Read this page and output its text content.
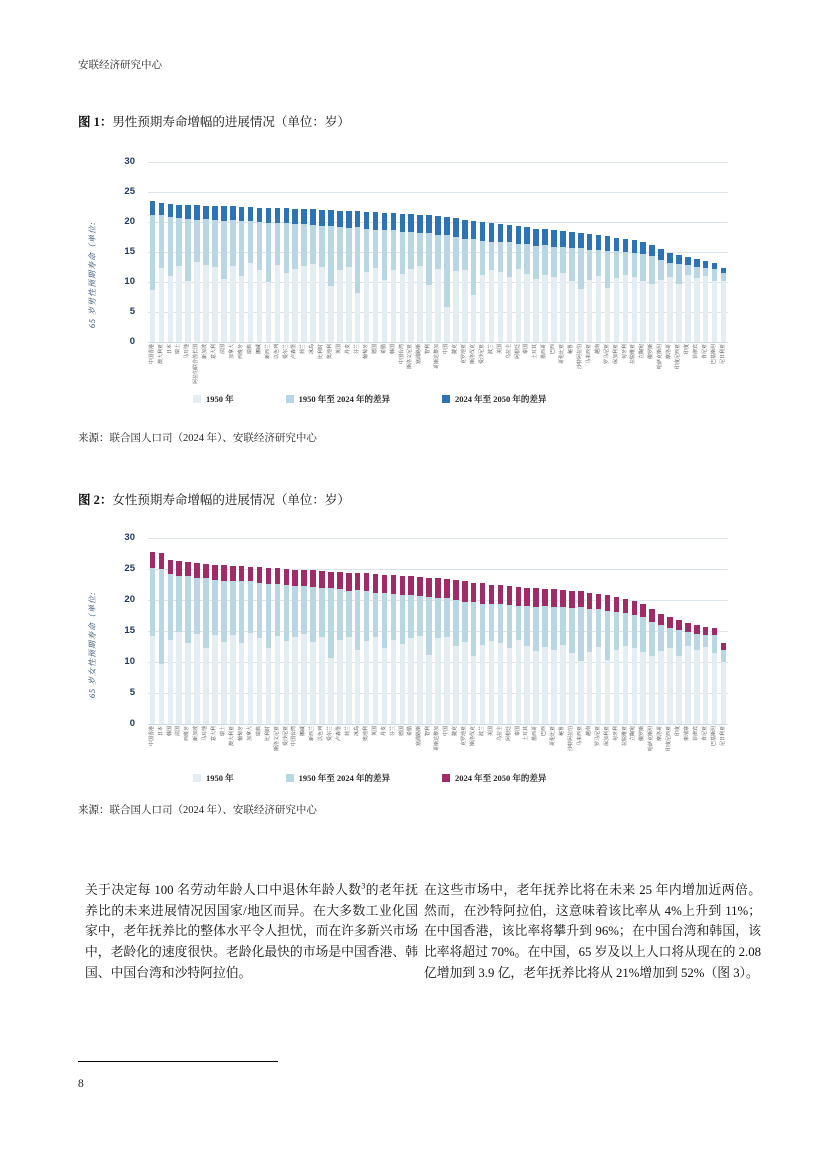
安联经济研究中心
图 1：男性预期寿命增幅的进展情况（单位：岁）
65 岁男性预期寿命（单位:
0
5
10
15
20
25
30
中国香港 澳大利亚 日本 瑞士 马耳他 阿拉伯联合酋长国 新加坡 意大利 法国 加拿大 西班牙 瑞典 挪威 新西兰 以色列 爱尔兰 卢森堡 荷兰 冰岛 比利时 奥地利 英国 丹麦 芬兰 葡萄牙 德国 希腊 韩国 中国台湾 斯洛文尼亚 塞浦路斯 智利 哥斯达黎加 中国 捷克 克罗地亚 斯洛伐克 爱沙尼亚 波兰 美国 乌拉圭 阿根廷 泰国 土耳其 墨西哥 巴西 哥伦比亚 秘鲁 沙特阿拉伯 马来西亚 越南 罗马尼亚 保加利亚 匈牙利 拉脱维亚 立陶宛 俄罗斯 哈萨克斯坦 摩洛哥 印度尼西亚 印度 菲律宾 肯尼亚 巴基斯坦 尼日利亚
1950 年	1950 年至 2024 年的差异	2024 年至 2050 年的差异
来源：联合国人口司（2024 年）、安联经济研究中心
图 2：女性预期寿命增幅的进展情况（单位：岁）
65 岁女性预期寿命（单位:
0
5
10
15
20
25
30
中国香港 日本 韩国 法国 西班牙 新加坡 马耳他 意大利 瑞士 澳大利亚 葡萄牙 加拿大 瑞典 比利时 斯洛文尼亚 爱沙尼亚 中国台湾 挪威 新西兰 以色列 爱尔兰 卢森堡 荷兰 冰岛 奥地利 英国 丹麦 芬兰 德国 希腊 塞浦路斯 智利 哥斯达黎加 中国 捷克 克罗地亚 斯洛伐克 波兰 美国 乌拉圭 阿根廷 泰国 土耳其 墨西哥 巴西 哥伦比亚 秘鲁 沙特阿拉伯 马来西亚 越南 罗马尼亚 保加利亚 匈牙利 拉脱维亚 立陶宛 俄罗斯 哈萨克斯坦 摩洛哥 印度尼西亚 印度 柬埔寨 菲律宾 肯尼亚 巴基斯坦 尼日利亚
1950 年	1950 年至 2024 年的差异	2024 年至 2050 年的差异
来源：联合国人口司（2024 年）、安联经济研究中心
关于决定每 100 名劳动年龄人口中退休年龄人数$^3$的老年抚养比的未来进展情况因国家/地区而异。在大多数工业化国家中，老年抚养比的整体水平令人担忧，而在许多新兴市场中，老龄化的速度很快。老龄化最快的市场是中国香港、韩国、中国台湾和沙特阿拉伯。
在这些市场中，老年抚养比将在未来 25 年内增加近两倍。然而，在沙特阿拉伯，这意味着该比率从 4%上升到 11%；在中国香港，该比率将攀升到 96%；在中国台湾和韩国，该比率将超过 70%。在中国，65 岁及以上人口将从现在的 2.08 亿增加到 3.9 亿，老年抚养比将从 21%增加到 52%（图 3）。
8
